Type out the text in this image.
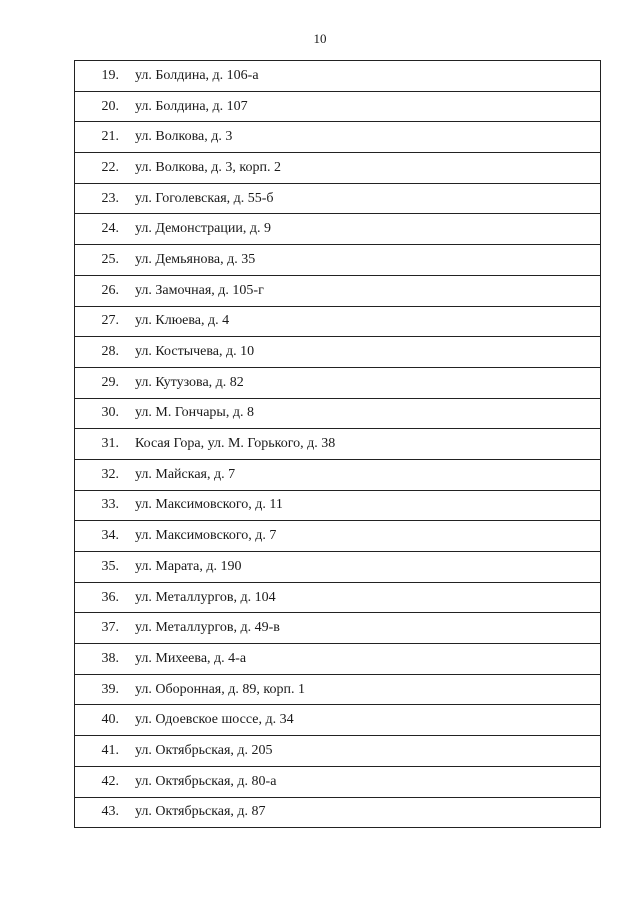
10
19.	ул. Болдина, д. 106-а
20.	ул. Болдина, д. 107
21.	ул. Волкова, д. 3
22.	ул. Волкова, д. 3, корп. 2
23.	ул. Гоголевская, д. 55-б
24.	ул. Демонстрации, д. 9
25.	ул. Демьянова, д. 35
26.	ул. Замочная, д. 105-г
27.	ул. Клюева, д. 4
28.	ул. Костычева, д. 10
29.	ул. Кутузова, д. 82
30.	ул. М. Гончары, д. 8
31.	Косая Гора, ул. М. Горького, д. 38
32.	ул. Майская, д. 7
33.	ул. Максимовского, д. 11
34.	ул. Максимовского, д. 7
35.	ул. Марата, д. 190
36.	ул. Металлургов, д. 104
37.	ул. Металлургов, д. 49-в
38.	ул. Михеева, д. 4-а
39.	ул. Оборонная, д. 89, корп. 1
40.	ул. Одоевское шоссе, д. 34
41.	ул. Октябрьская, д. 205
42.	ул. Октябрьская, д. 80-а
43.	ул. Октябрьская, д. 87
